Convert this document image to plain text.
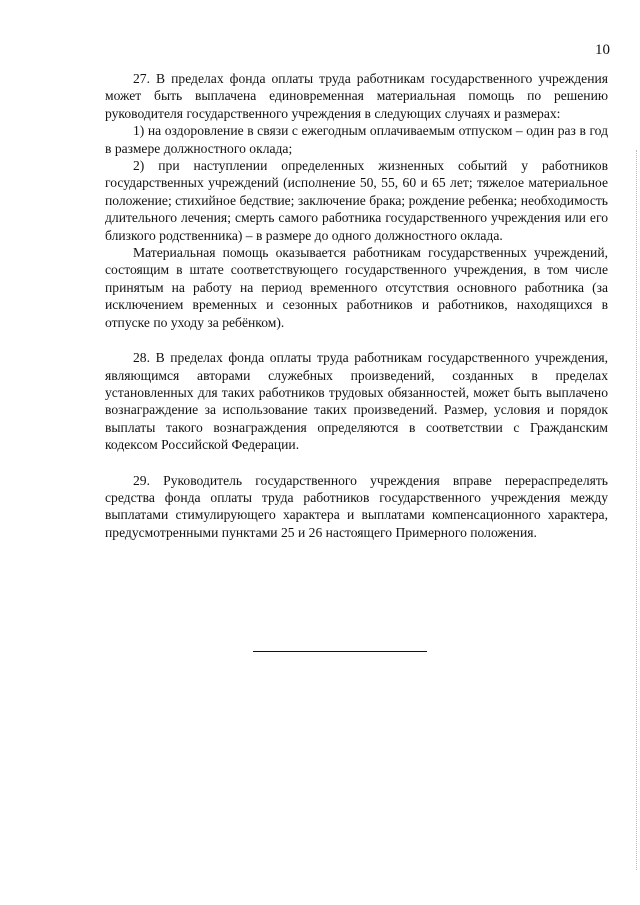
10

27. В пределах фонда оплаты труда работникам государственного учреждения может быть выплачена единовременная материальная помощь по решению руководителя государственного учреждения в следующих случаях и размерах:

1) на оздоровление в связи с ежегодным оплачиваемым отпуском – один раз в год в размере должностного оклада;

2) при наступлении определенных жизненных событий у работников государственных учреждений (исполнение 50, 55, 60 и 65 лет; тяжелое материальное положение; стихийное бедствие; заключение брака; рождение ребенка; необходимость длительного лечения; смерть самого работника государственного учреждения или его близкого родственника) – в размере до одного должностного оклада.

Материальная помощь оказывается работникам государственных учреждений, состоящим в штате соответствующего государственного учреждения, в том числе принятым на работу на период временного отсутствия основного работника (за исключением временных и сезонных работников и работников, находящихся в отпуске по уходу за ребёнком).

28. В пределах фонда оплаты труда работникам государственного учреждения, являющимся авторами служебных произведений, созданных в пределах установленных для таких работников трудовых обязанностей, может быть выплачено вознаграждение за использование таких произведений. Размер, условия и порядок выплаты такого вознаграждения определяются в соответствии с Гражданским кодексом Российской Федерации.

29. Руководитель государственного учреждения вправе перераспределять средства фонда оплаты труда работников государственного учреждения между выплатами стимулирующего характера и выплатами компенсационного характера, предусмотренными пунктами 25 и 26 настоящего Примерного положения.
